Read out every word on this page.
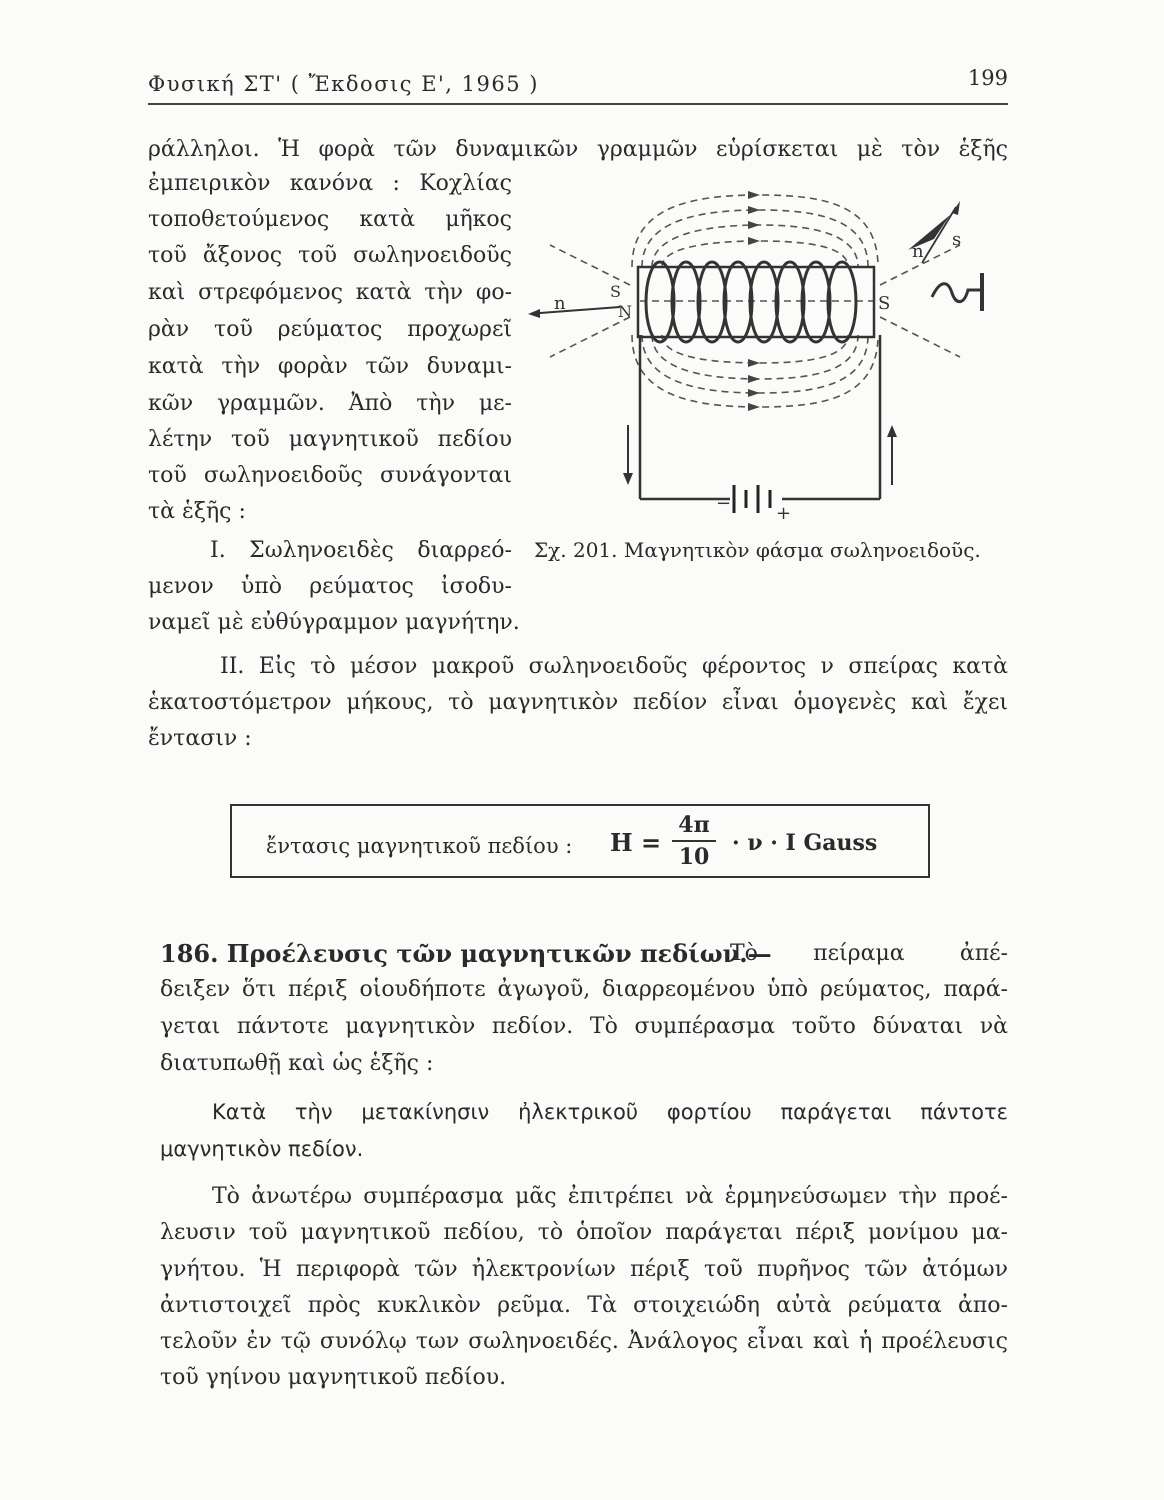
Φυσική ΣΤ' ( Ἔκδοσις Ε', 1965 )	199
ράλληλοι. Ἡ φορὰ τῶν δυναμικῶν γραμμῶν εὑρίσκεται μὲ τὸν ἑξῆς
ἐμπειρικὸν κανόνα : Κοχλίας
τοποθετούμενος κατὰ μῆκος
τοῦ ἄξονος τοῦ σωληνοειδοῦς
καὶ στρεφόμενος κατὰ τὴν φο-
ρὰν τοῦ ρεύματος προχωρεῖ
κατὰ τὴν φορὰν τῶν δυναμι-
κῶν γραμμῶν. Ἀπὸ τὴν με-
λέτην τοῦ μαγνητικοῦ πεδίου
τοῦ σωληνοειδοῦς συνάγονται
τὰ ἑξῆς :
Ι. Σωληνοειδὲς διαρρεό-
μενον ὑπὸ ρεύματος ἰσοδυ-
ναμεῖ μὲ εὐθύγραμμον μαγνήτην.
n
S
N	S
n
s
− +
Σχ. 201. Μαγνητικὸν φάσμα σωληνοειδοῦς.
ΙΙ. Εἰς τὸ μέσον μακροῦ σωληνοειδοῦς φέροντος ν σπείρας κατὰ
ἑκατοστόμετρον μήκους, τὸ μαγνητικὸν πεδίον εἶναι ὁμογενὲς καὶ ἔχει
ἔντασιν :
ἔντασις μαγνητικοῦ πεδίου : H =
4π
10
· ν · I Gauss
186. Προέλευσις τῶν μαγνητικῶν πεδίων.—
Τὸ πείραμα ἀπέ-
δειξεν ὅτι πέριξ οἱουδήποτε ἀγωγοῦ, διαρρεομένου ὑπὸ ρεύματος, παρά-
γεται πάντοτε μαγνητικὸν πεδίον. Τὸ συμπέρασμα τοῦτο δύναται νὰ
διατυπωθῇ καὶ ὡς ἑξῆς :
Κατὰ τὴν μετακίνησιν ἠλεκτρικοῦ φορτίου παράγεται πάντοτε
μαγνητικὸν πεδίον.
Τὸ ἀνωτέρω συμπέρασμα μᾶς ἐπιτρέπει νὰ ἑρμηνεύσωμεν τὴν προέ-
λευσιν τοῦ μαγνητικοῦ πεδίου, τὸ ὁποῖον παράγεται πέριξ μονίμου μα-
γνήτου. Ἡ περιφορὰ τῶν ἠλεκτρονίων πέριξ τοῦ πυρῆνος τῶν ἀτόμων
ἀντιστοιχεῖ πρὸς κυκλικὸν ρεῦμα. Τὰ στοιχειώδη αὐτὰ ρεύματα ἀπο-
τελοῦν ἐν τῷ συνόλῳ των σωληνοειδές. Ἀνάλογος εἶναι καὶ ἡ προέλευσις
τοῦ γηίνου μαγνητικοῦ πεδίου.
